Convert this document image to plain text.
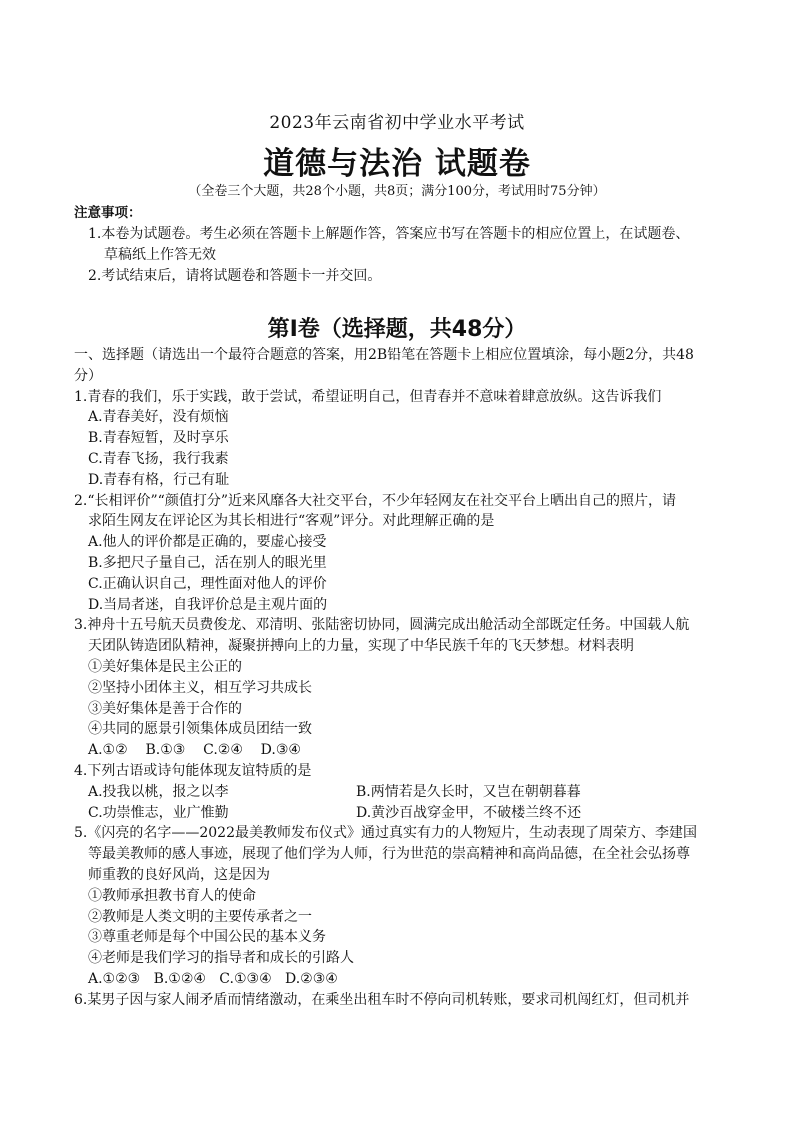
2023年云南省初中学业水平考试
道德与法治 试题卷
（全卷三个大题，共28个小题，共8页；满分100分，考试用时75分钟）
注意事项：
1.本卷为试题卷。考生必须在答题卡上解题作答，答案应书写在答题卡的相应位置上，在试题卷、
草稿纸上作答无效
2.考试结束后，请将试题卷和答题卡一并交回。
第Ⅰ卷（选择题，共48分）
一、选择题（请选出一个最符合题意的答案，用2B铅笔在答题卡上相应位置填涂，每小题2分，共48
分）
1.青春的我们，乐于实践，敢于尝试，希望证明自己，但青春并不意味着肆意放纵。这告诉我们
A.青春美好，没有烦恼
B.青春短暂，及时享乐
C.青春飞扬，我行我素
D.青春有格，行己有耻
2.“长相评价”“颜值打分”近来风靡各大社交平台，不少年轻网友在社交平台上晒出自己的照片，请
求陌生网友在评论区为其长相进行“客观”评分。对此理解正确的是
A.他人的评价都是正确的，要虚心接受
B.多把尺子量自己，活在别人的眼光里
C.正确认识自己，理性面对他人的评价
D.当局者迷，自我评价总是主观片面的
3.神舟十五号航天员费俊龙、邓清明、张陆密切协同，圆满完成出舱活动全部既定任务。中国载人航
天团队铸造团队精神，凝聚拼搏向上的力量，实现了中华民族千年的飞天梦想。材料表明
①美好集体是民主公正的
②坚持小团体主义，相互学习共成长
③美好集体是善于合作的
④共同的愿景引领集体成员团结一致
A.①②    B.①③    C.②④    D.③④
4.下列古语或诗句能体现友谊特质的是
A.投我以桃，报之以李	B.两情若是久长时，又岂在朝朝暮暮
C.功崇惟志，业广惟勤	D.黄沙百战穿金甲，不破楼兰终不还
5.《闪亮的名字——2022最美教师发布仪式》通过真实有力的人物短片，生动表现了周荣方、李建国
等最美教师的感人事迹，展现了他们学为人师，行为世范的崇高精神和高尚品德，在全社会弘扬尊
师重教的良好风尚，这是因为
①教师承担教书育人的使命
②教师是人类文明的主要传承者之一
③尊重老师是每个中国公民的基本义务
④老师是我们学习的指导者和成长的引路人
A.①②③   B.①②④   C.①③④   D.②③④
6.某男子因与家人闹矛盾而情绪激动，在乘坐出租车时不停向司机转账，要求司机闯红灯，但司机并
